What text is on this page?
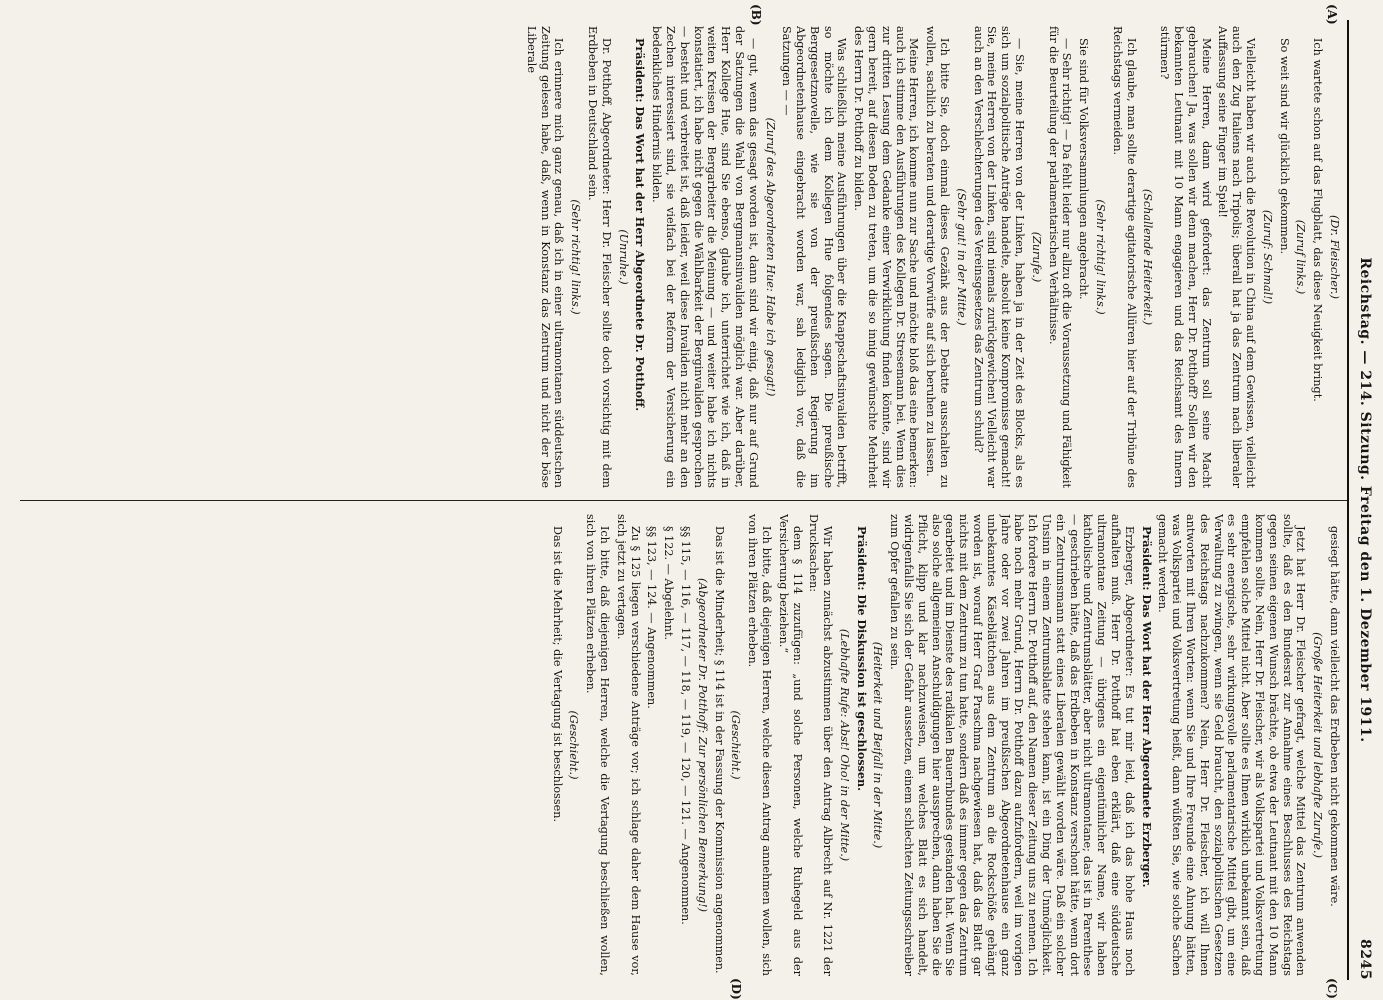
Reichstag. — 214. Sitzung. Freitag den 1. Dezember 1911.
8245
(A)
(B)
(C)
(D)

(Dr. Fleischer.)

Ich wartete schon auf das Flugblatt, das diese Neuigkeit bringt.

(Zuruf links.)

So weit sind wir glücklich gekommen.

(Zuruf: Schmal!)

Vielleicht haben wir auch die Revolution in China auf dem Gewissen, vielleicht auch den Zug Italiens nach Tripolis; überall hat ja das Zentrum nach liberaler Auffassung seine Finger im Spiel!

Meine Herren, dann wird gefordert: das Zentrum soll seine Macht gebrauchen! Ja, was sollen wir denn machen, Herr Dr. Potthoff? Sollen wir den bekannten Leutnant mit 10 Mann engagieren und das Reichsamt des Innern stürmen?

(Schallende Heiterkeit.)

Ich glaube, man sollte derartige agitatorische Allüren hier auf der Tribüne des Reichstags vermeiden.

(Sehr richtig! links.)

Sie sind für Volksversammlungen angebracht.

— Sehr richtig! — Da fehlt leider nur allzu oft die Voraussetzung und Fähigkeit für die Beurteilung der parlamentarischen Verhältnisse.

(Zurufe.)

— Sie, meine Herren von der Linken, haben ja in der Zeit des Blocks, als es sich um sozialpolitische Anträge handelte, absolut keine Kompromisse gemacht! Sie, meine Herren von der Linken, sind niemals zurückgewichen! Vielleicht war auch an den Verschlechterungen des Vereinsgesetzes das Zentrum schuld?

(Sehr gut! in der Mitte.)

Ich bitte Sie, doch einmal dieses Gezänk aus der Debatte ausschalten zu wollen, sachlich zu beraten und derartige Vorwürfe auf sich beruhen zu lassen.

Meine Herren, ich komme nun zur Sache und möchte bloß das eine bemerken: auch ich stimme den Ausführungen des Kollegen Dr. Stresemann bei. Wenn dies zur dritten Lesung dem Gedanke einer Verwirklichung finden könnte, sind wir gern bereit, auf diesen Boden zu treten, um die so innig gewünschte Mehrheit des Herrn Dr. Potthoff zu bilden.

Was schließlich meine Ausführungen über die Knappschaftsinvaliden betrifft, so möchte ich dem Kollegen Hue folgendes sagen. Die preußische Berggesetznovelle, wie sie von der preußischen Regierung im Abgeordnetenhause eingebracht worden war, sah lediglich vor, daß die Satzungen — —

(Zuruf des Abgeordneten Hue: Habe ich gesagt!)

— gut, wenn das gesagt worden ist, dann sind wir einig, daß nur auf Grund der Satzungen die Wahl von Bergmannsinvaliden möglich war. Aber darüber, Herr Kollege Hue, sind Sie ebenso, glaube ich, unterrichtet wie ich, daß in weiten Kreisen der Bergarbeiter die Meinung — und weiter habe ich nichts konstatiert, ich habe nicht gegen die Wählbarkeit der Berginvaliden gesprochen — besteht und verbreitet ist, daß leider, weil diese Invaliden nicht mehr an den Zechen interessiert sind, sie vielfach bei der Reform der Versicherung ein bedenkliches Hindernis bilden.

Präsident: Das Wort hat der Herr Abgeordnete Dr. Potthoff.

(Unruhe.)

Dr. Potthoff, Abgeordneter: Herr Dr. Fleischer sollte doch vorsichtig mit dem Erdbeben in Deutschland sein.

(Sehr richtig! links.)

Ich erinnere mich ganz genau, daß ich in einer ultramontanen süddeutschen Zeitung gelesen habe, daß, wenn in Konstanz das Zentrum und nicht der böse Liberale

gesiegt hätte, dann vielleicht das Erdbeben nicht gekommen wäre.

(Große Heiterkeit und lebhafte Zurufe.)

Jetzt hat Herr Dr. Fleischer gefragt, welche Mittel das Zentrum anwenden sollte, daß es den Bundesrat zur Annahme eines Beschlusses des Reichstags gegen seinen eigenen Wunsch brächte, ob etwa der Leutnant mit den 10 Mann kommen sollte. Nein, Herr Dr. Fleischer, wir als Volkspartei und Volksvertretung empfehlen solche Mittel nicht. Aber sollte es Ihnen wirklich unbekannt sein, daß es sehr energische, sehr wirkungsvolle parlamentarische Mittel gibt, um eine Verwaltung zu zwingen, wenn sie Geld braucht, den sozialpolitischen Gesetzen des Reichstags nachzukommen? Nein, Herr Dr. Fleischer, ich will Ihnen antworten mit Ihren Worten: wenn Sie und Ihre Freunde eine Ahnung hätten, was Volkspartei und Volksvertretung heißt, dann wüßten Sie, wie solche Sachen gemacht werden.

Präsident: Das Wort hat der Herr Abgeordnete Erzberger.

Erzberger, Abgeordneter: Es tut mir leid, daß ich das hohe Haus noch aufhalten muß. Herr Dr. Potthoff hat eben erklärt, daß eine süddeutsche ultramontane Zeitung — übrigens ein eigentümlicher Name, wir haben katholische und Zentrumsblätter, aber nicht ultramontane; das ist in Parenthese — geschrieben hätte, daß das Erdbeben in Konstanz verschont hätte, wenn dort ein Zentrumsmann statt eines Liberalen gewählt worden wäre. Daß ein solcher Unsinn in einem Zentrumsblatte stehen kann, ist ein Ding der Unmöglichkeit. Ich fordere Herrn Dr. Potthoff auf, den Namen dieser Zeitung uns zu nennen. Ich habe noch mehr Grund, Herrn Dr. Potthoff dazu aufzufordern, weil im vorigen Jahre oder vor zwei Jahren im preußischen Abgeordnetenhause ein ganz unbekanntes Käseblättchen aus dem Zentrum an die Rockschöße gehängt worden ist, worauf Herr Graf Praschma nachgewiesen hat, daß das Blatt gar nichts mit dem Zentrum zu tun hatte, sondern daß es immer gegen das Zentrum gearbeitet und im Dienste des radikalen Bauernbundes gestanden hat. Wenn Sie also solche allgemeinen Anschuldigungen hier aussprechen, dann haben Sie die Pflicht, klipp und klar nachzuweisen, um welches Blatt es sich handelt, widrigenfalls Sie sich der Gefahr aussetzen, einem schlechten Zeitungsschreiber zum Opfer gefallen zu sein.

(Heiterkeit und Beifall in der Mitte.)

Präsident: Die Diskussion ist geschlossen.

(Lebhafte Rufe: Abst! Oho! in der Mitte.)

Wir haben zunächst abzustimmen über den Antrag Albrecht auf Nr. 1221 der Drucksachen:

dem § 114 zuzufügen: „und solche Personen, welche Ruhegeld aus der Versicherung beziehen.“

Ich bitte, daß diejenigen Herren, welche diesen Antrag annehmen wollen, sich von ihren Plätzen erheben.

(Geschieht.)

Das ist die Minderheit; § 114 ist in der Fassung der Kommission angenommen.

(Abgeordneter Dr. Potthoff: Zur persönlichen Bemerkung!)

§§ 115, — 116, — 117, — 118, — 119, — 120, — 121. — Angenommen.

§ 122. — Abgelehnt.

§§ 123, — 124. — Angenommen.

Zu § 125 liegen verschiedene Anträge vor; ich schlage daher dem Hause vor, sich jetzt zu vertagen.

Ich bitte, daß diejenigen Herren, welche die Vertagung beschließen wollen, sich von ihren Plätzen erheben.

(Geschieht.)

Das ist die Mehrheit; die Vertagung ist beschlossen.
